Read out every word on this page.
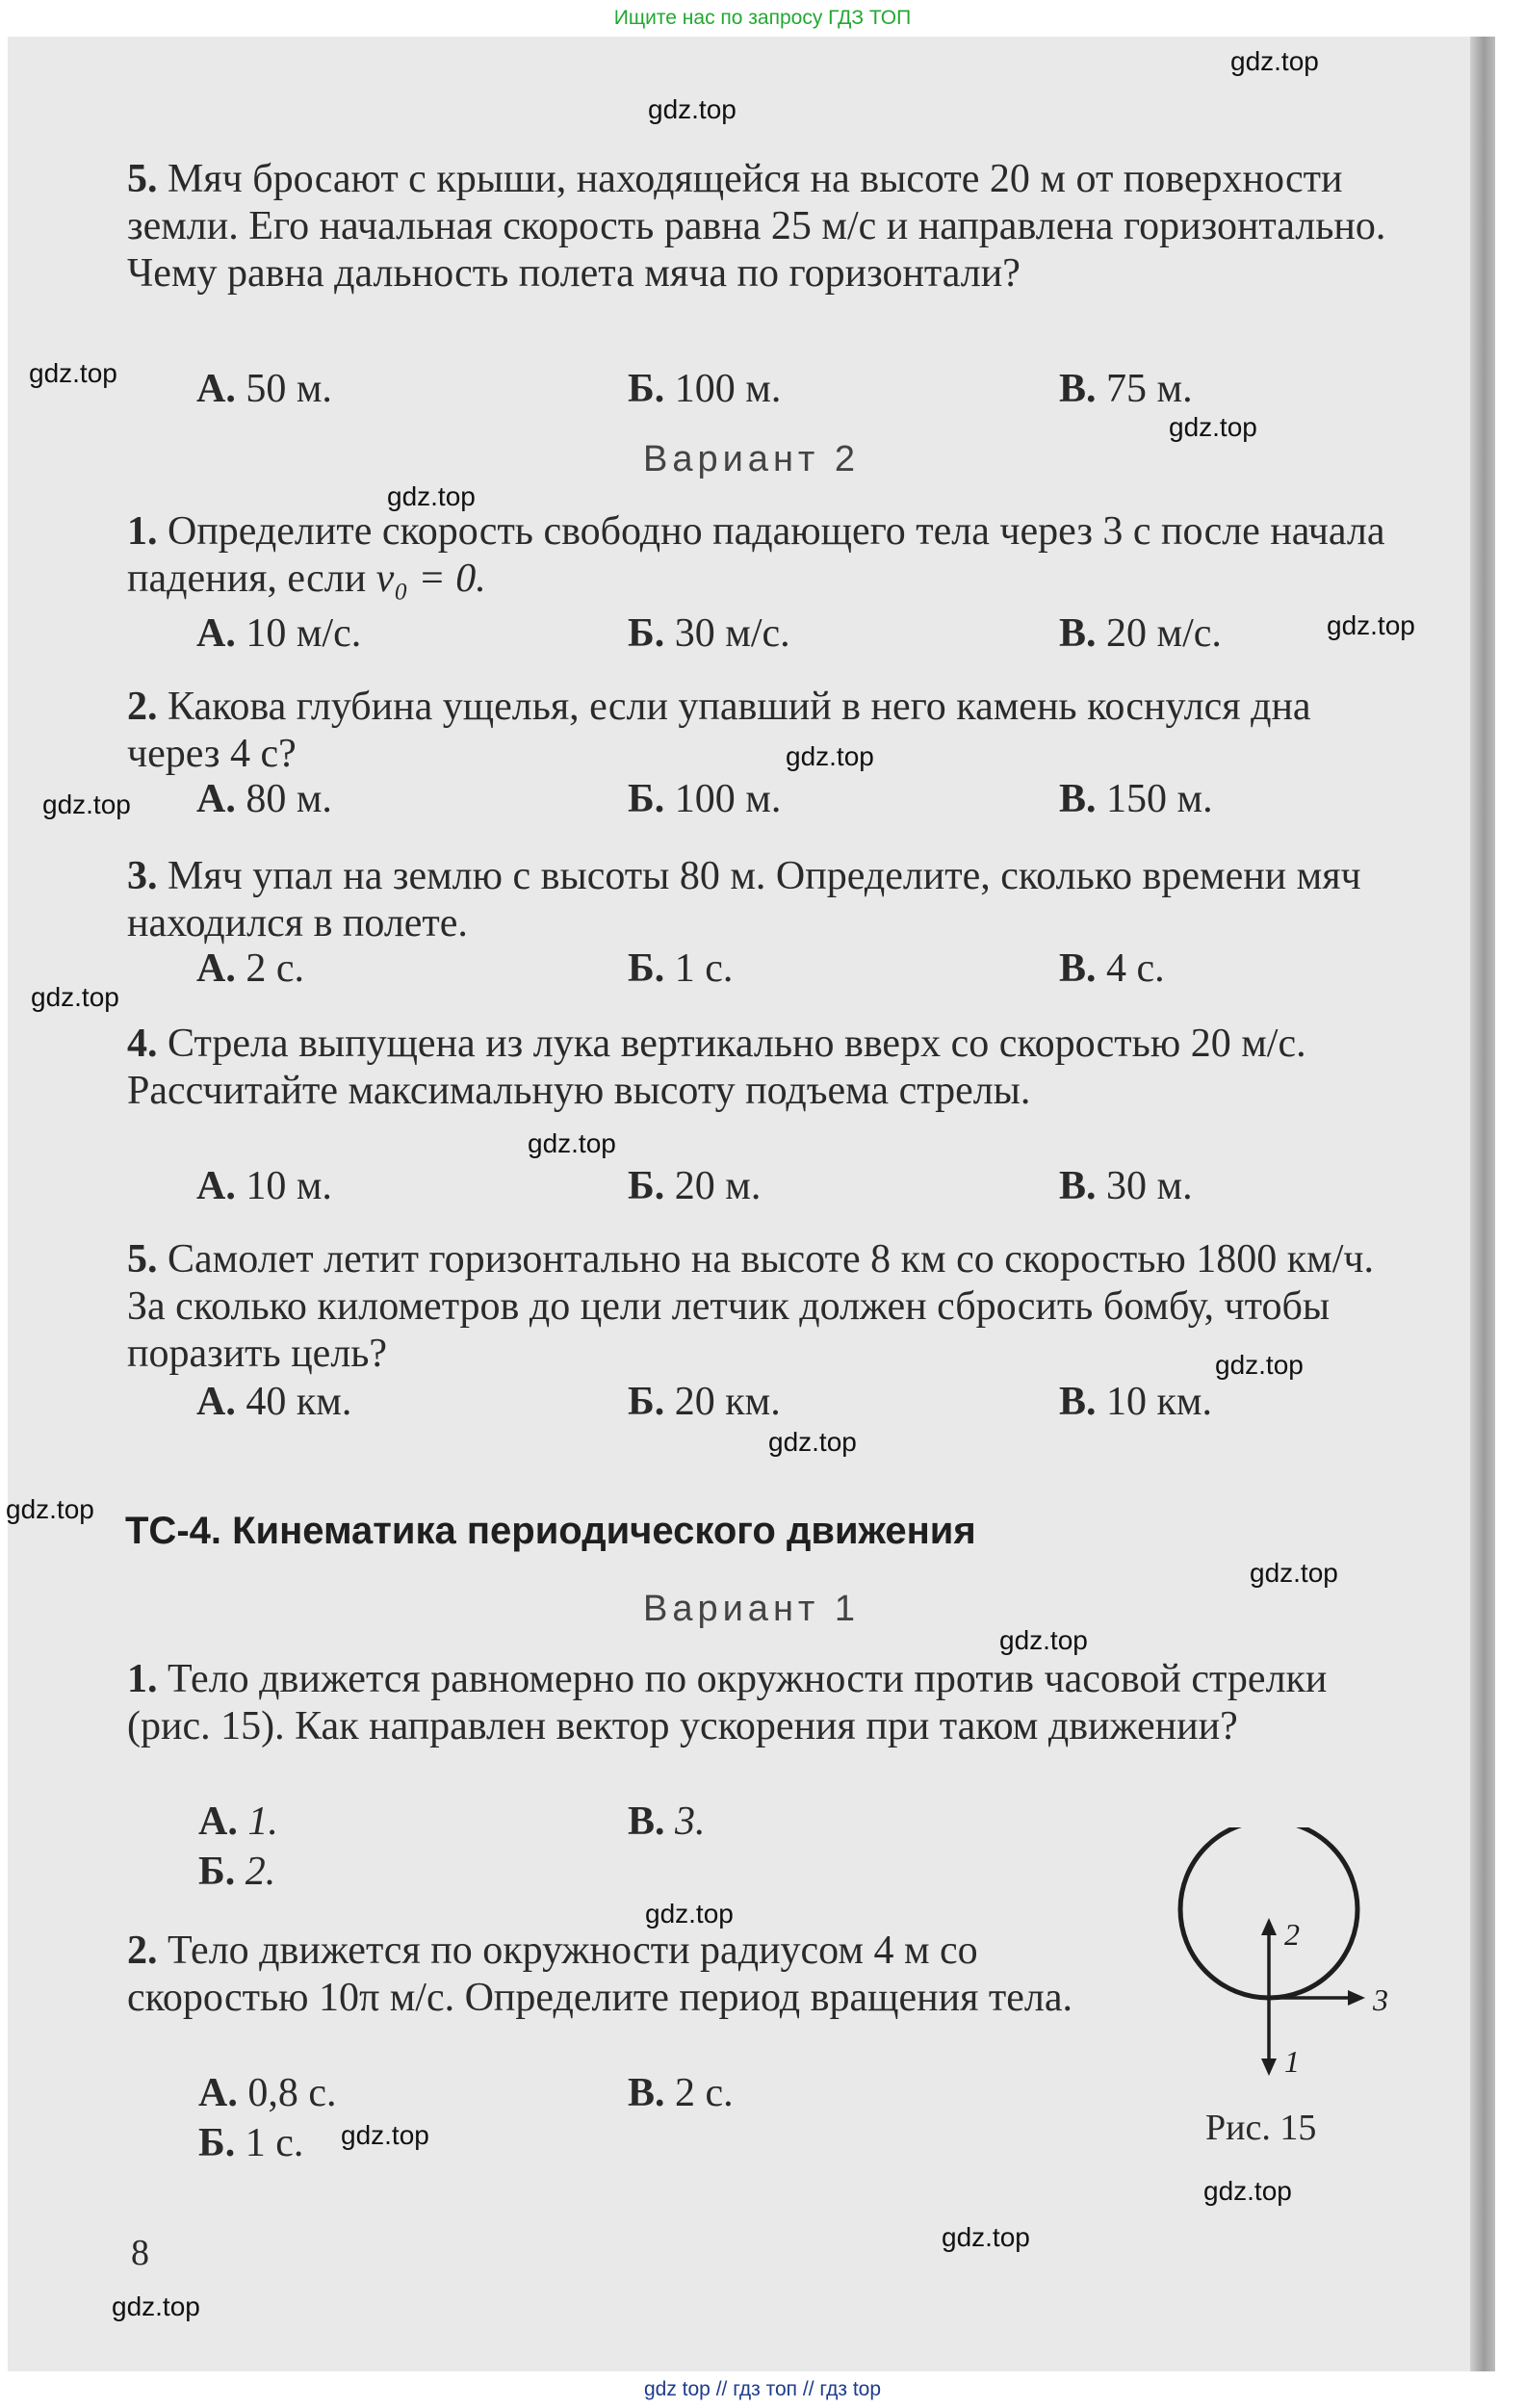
Ищите нас по запросу ГДЗ ТОП

5. Мяч бросают с крыши, находящейся на высоте 20 м от поверхности земли. Его начальная скорость равна 25 м/с и направлена горизонтально. Чему равна дальность полета мяча по горизонтали?

А. 50 м.	Б. 100 м.	В. 75 м.
Вариант 2

1. Определите скорость свободно падающего тела через 3 с после начала падения, если v₀ = 0.

А. 10 м/с.	Б. 30 м/с.	В. 20 м/с.

2. Какова глубина ущелья, если упавший в него камень коснулся дна через 4 с?

А. 80 м.	Б. 100 м.	В. 150 м.

3. Мяч упал на землю с высоты 80 м. Определите, сколько времени мяч находился в полете.

А. 2 с.	Б. 1 с.	В. 4 с.

4. Стрела выпущена из лука вертикально вверх со скоростью 20 м/с. Рассчитайте максимальную высоту подъема стрелы.

А. 10 м.	Б. 20 м.	В. 30 м.

5. Самолет летит горизонтально на высоте 8 км со скоростью 1800 км/ч. За сколько километров до цели летчик должен сбросить бомбу, чтобы поразить цель?

А. 40 км.	Б. 20 км.	В. 10 км.
ТС-4. Кинематика периодического движения
Вариант 1

1. Тело движется равномерно по окружности против часовой стрелки (рис. 15). Как направлен вектор ускорения при таком движении?

А. 1.	В. 3.
Б. 2.

2. Тело движется по окружности радиусом 4 м со скоростью 10π м/с. Определите период вращения тела.

А. 0,8 с.	В. 2 с.
Б. 1 с.
2
1
3
Рис. 15
8
gdz.top
gdz.top
gdz.top
gdz.top
gdz.top
gdz.top
gdz.top
gdz.top
gdz.top
gdz.top
gdz.top
gdz.top
gdz.top
gdz.top
gdz.top
gdz.top
gdz.top
gdz.top
gdz.top
gdz.top
gdz top // гдз топ // гдз top
